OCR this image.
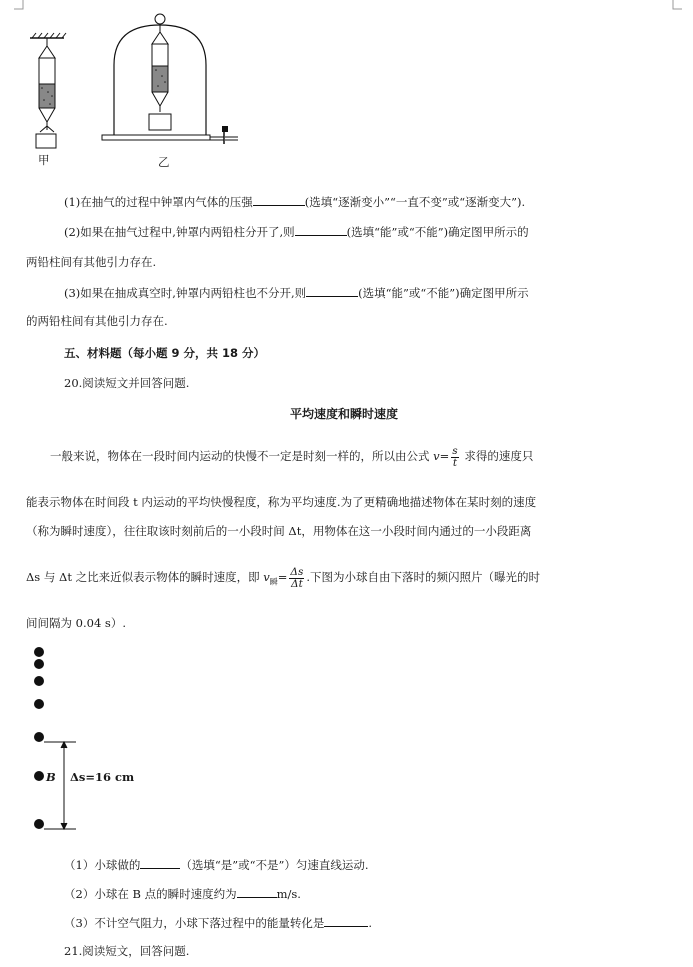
甲	乙
(1)在抽气的过程中钟罩内气体的压强	(选填“逐渐变小”“一直不变”或“逐渐变大”).
(2)如果在抽气过程中,钟罩内两铅柱分开了,则	(选填“能”或“不能”)确定图甲所示的
两铅柱间有其他引力存在.
(3)如果在抽成真空时,钟罩内两铅柱也不分开,则	(选填“能”或“不能”)确定图甲所示
的两铅柱间有其他引力存在.
五、材料题（每小题 9 分，共 18 分）
20.阅读短文并回答问题.
平均速度和瞬时速度
一般来说，物体在一段时间内运动的快慢不一定是时刻一样的，所以由公式 $v= \frac{s}{t}$ 求得的速度只
能表示物体在时间段 t 内运动的平均快慢程度，称为平均速度.为了更精确地描述物体在某时刻的速度
（称为瞬时速度），往往取该时刻前后的一小段时间 Δt，用物体在这一小段时间内通过的一小段距离
Δs 与 Δt 之比来近似表示物体的瞬时速度，即 $v_瞬= \frac{\Delta s}{\Delta t}$ .下图为小球自由下落时的频闪照片（曝光的时
间间隔为 0.04 s）.
B Δs=16 cm
（1）小球做的	（选填“是”或“不是”）匀速直线运动.
（2）小球在 B 点的瞬时速度约为	m/s.
（3）不计空气阻力，小球下落过程中的能量转化是	.
21.阅读短文，回答问题.
